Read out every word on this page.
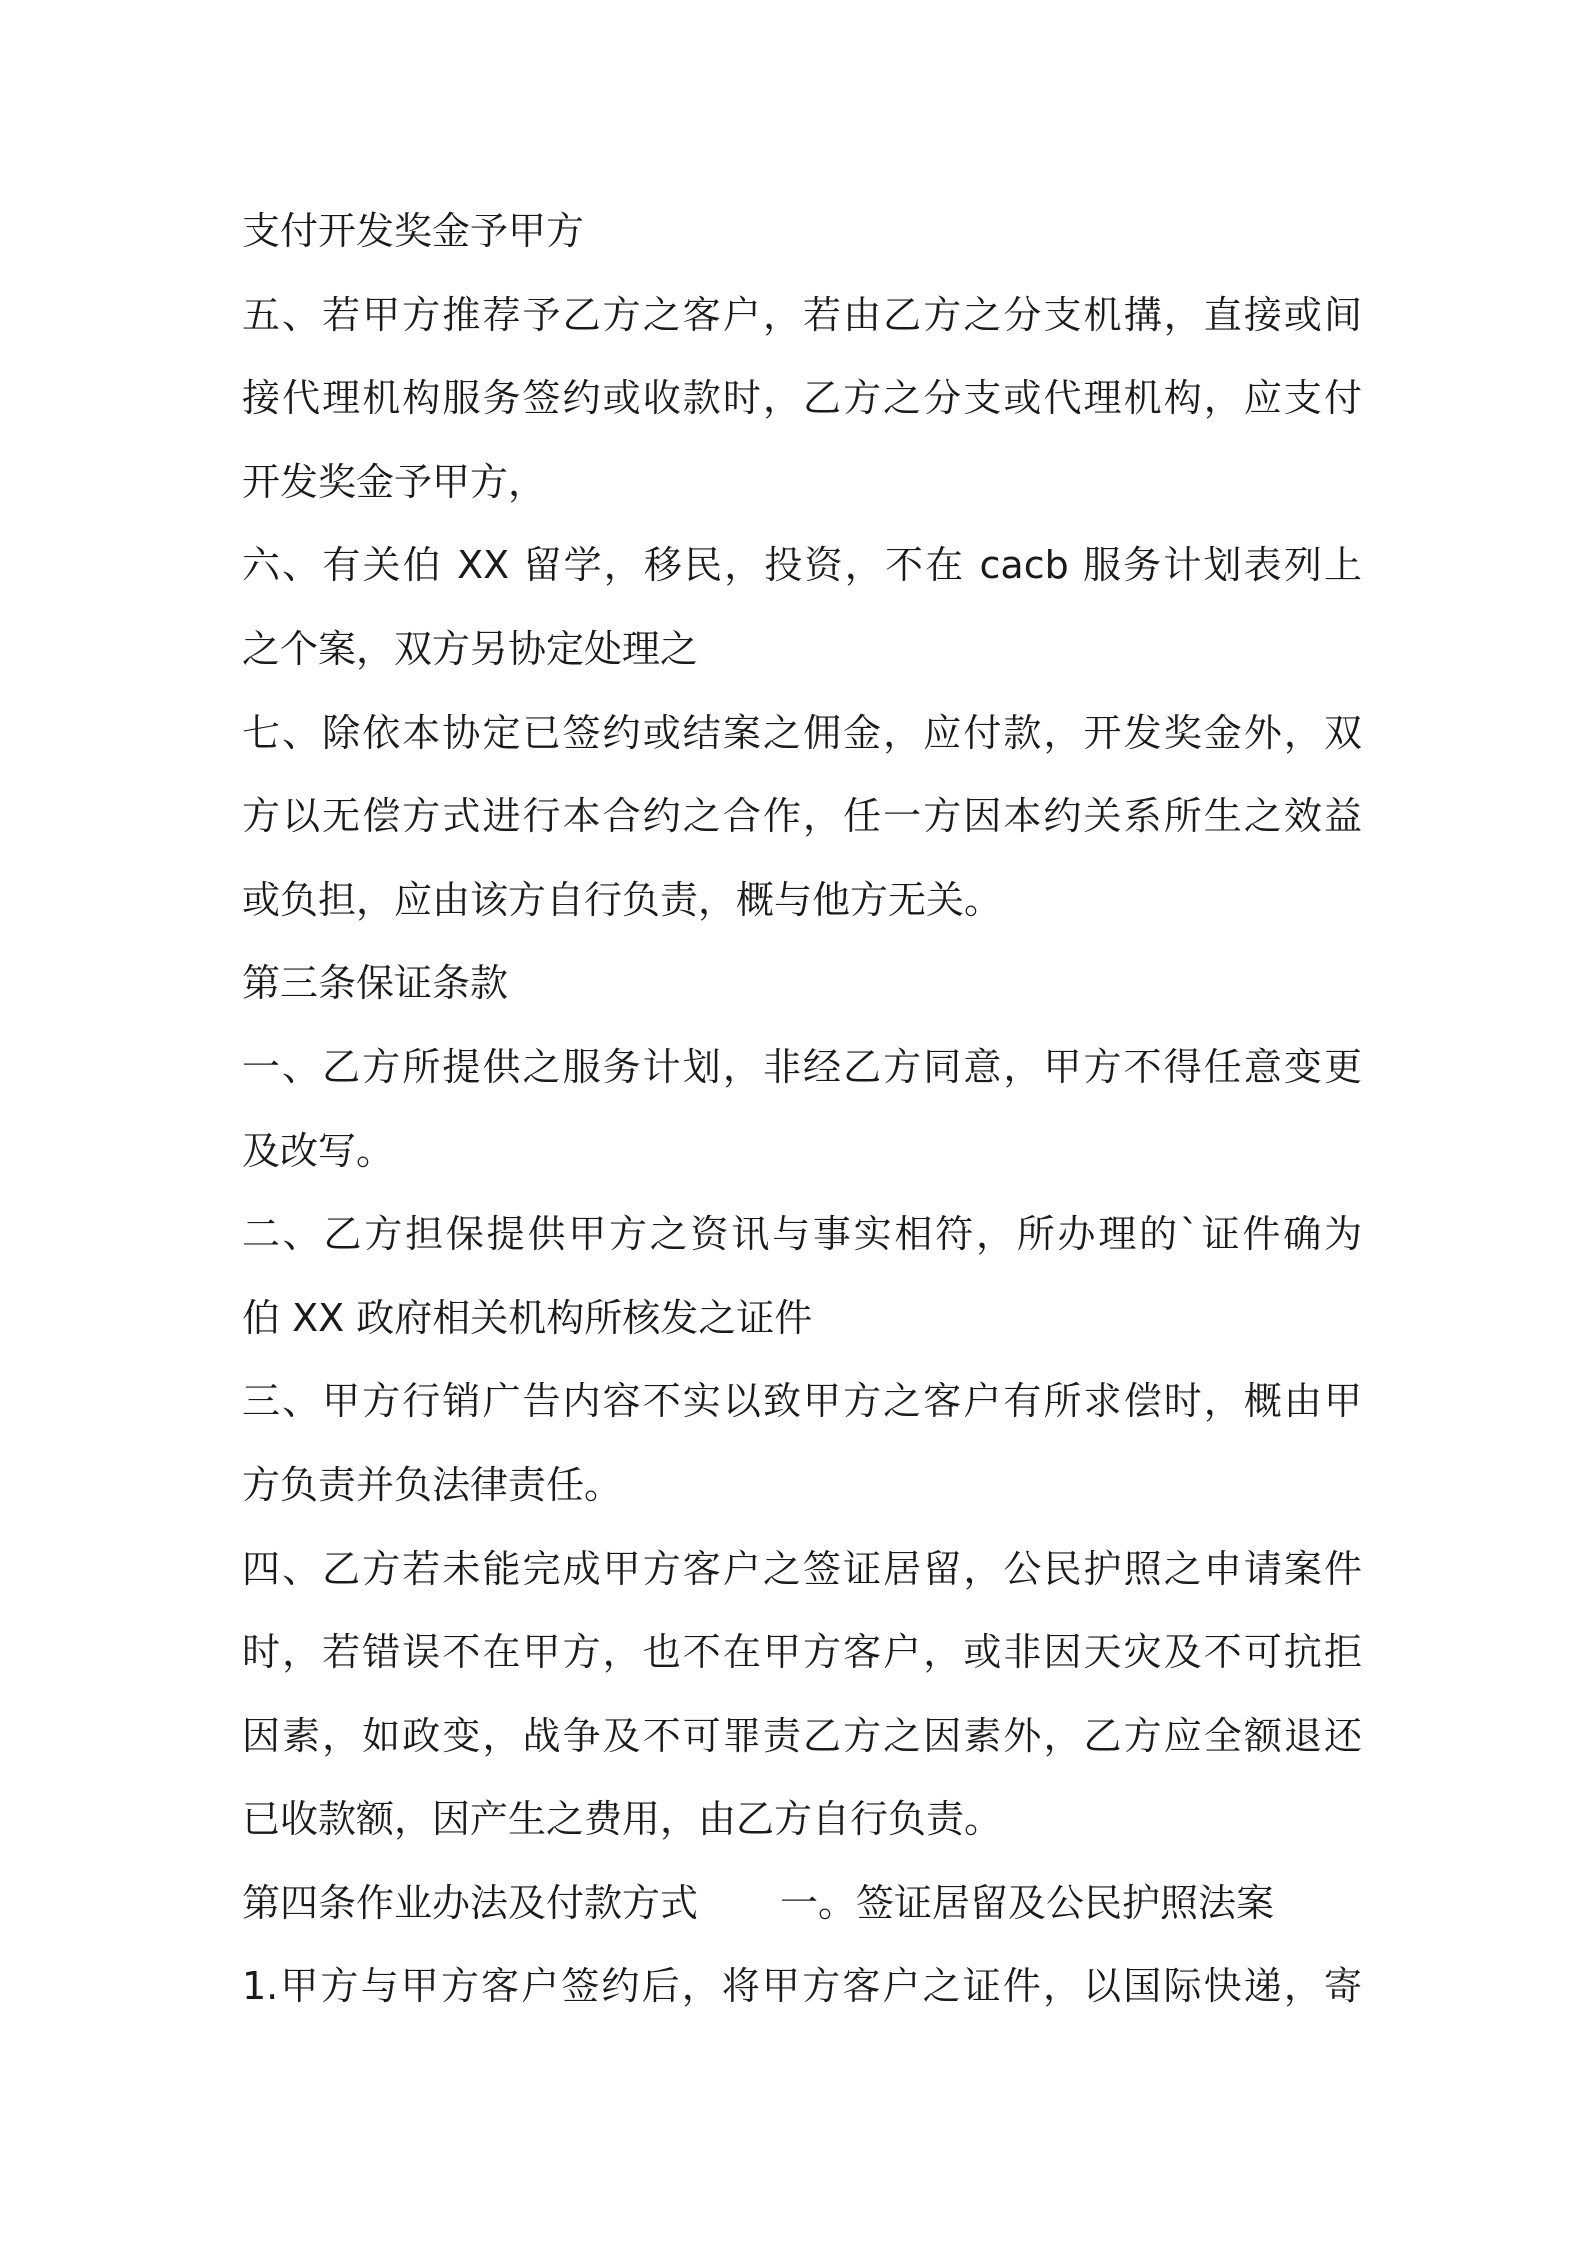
支付开发奖金予甲方
五、若甲方推荐予乙方之客户，若由乙方之分支机搆，直接或间
接代理机构服务签约或收款时，乙方之分支或代理机构，应支付
开发奖金予甲方，
六、有关伯 XX 留学，移民，投资，不在 cacb 服务计划表列上
之个案，双方另协定处理之
七、除依本协定已签约或结案之佣金，应付款，开发奖金外，双
方以无偿方式进行本合约之合作，任一方因本约关系所生之效益
或负担，应由该方自行负责，概与他方无关。
第三条保证条款
一、乙方所提供之服务计划，非经乙方同意，甲方不得任意变更
及改写。
二、乙方担保提供甲方之资讯与事实相符，所办理的`证件确为
伯 XX 政府相关机构所核发之证件
三、甲方行销广告内容不实以致甲方之客户有所求偿时，概由甲
方负责并负法律责任。
四、乙方若未能完成甲方客户之签证居留，公民护照之申请案件
时，若错误不在甲方，也不在甲方客户，或非因天灾及不可抗拒
因素，如政变，战争及不可罪责乙方之因素外，乙方应全额退还
已收款额，因产生之费用，由乙方自行负责。
第四条作业办法及付款方式 一。签证居留及公民护照法案
1.甲方与甲方客户签约后，将甲方客户之证件，以国际快递，寄
